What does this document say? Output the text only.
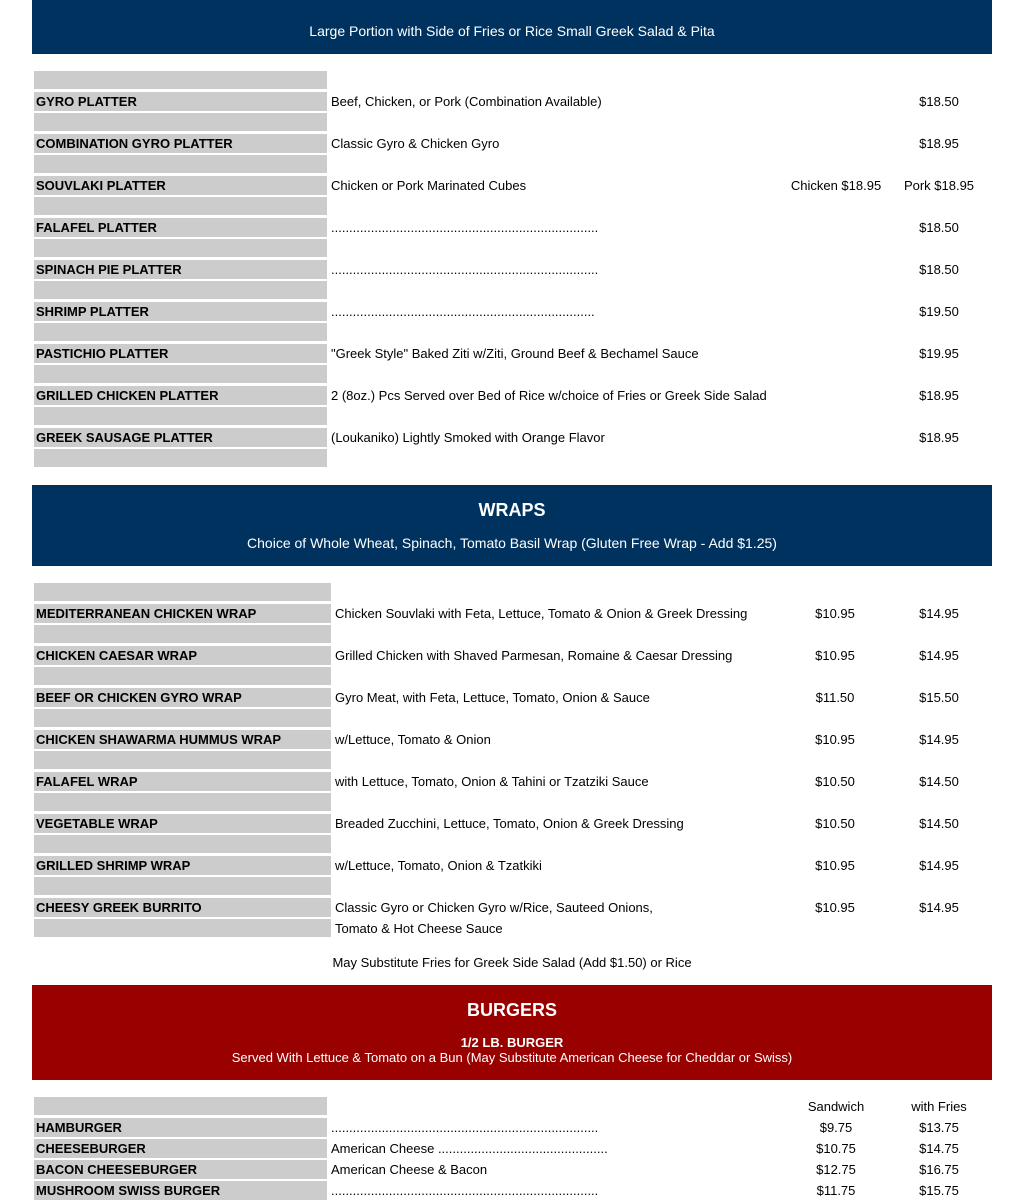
Large Portion with Side of Fries or Rice Small Greek Salad & Pita
GYRO PLATTER	Beef, Chicken, or Pork (Combination Available)	$18.50
COMBINATION GYRO PLATTER	Classic Gyro & Chicken Gyro	$18.95
SOUVLAKI PLATTER	Chicken or Pork Marinated Cubes	Chicken $18.95	Pork $18.95
FALAFEL PLATTER	..........................................................................	$18.50
SPINACH PIE PLATTER	..........................................................................	$18.50
SHRIMP PLATTER	.........................................................................	$19.50
PASTICHIO PLATTER	"Greek Style" Baked Ziti w/Ziti, Ground Beef & Bechamel Sauce	$19.95
GRILLED CHICKEN PLATTER	2 (8oz.) Pcs Served over Bed of Rice w/choice of Fries or Greek Side Salad	$18.95
GREEK SAUSAGE PLATTER	(Loukaniko) Lightly Smoked with Orange Flavor	$18.95
WRAPS
Choice of Whole Wheat, Spinach, Tomato Basil Wrap (Gluten Free Wrap - Add $1.25)
MEDITERRANEAN CHICKEN WRAP	Chicken Souvlaki with Feta, Lettuce, Tomato & Onion & Greek Dressing	$10.95	$14.95
CHICKEN CAESAR WRAP	Grilled Chicken with Shaved Parmesan, Romaine & Caesar Dressing	$10.95	$14.95
BEEF OR CHICKEN GYRO WRAP	Gyro Meat, with Feta, Lettuce, Tomato, Onion & Sauce	$11.50	$15.50
CHICKEN SHAWARMA HUMMUS WRAP	w/Lettuce, Tomato & Onion	$10.95	$14.95
FALAFEL WRAP	with Lettuce, Tomato, Onion & Tahini or Tzatziki Sauce	$10.50	$14.50
VEGETABLE WRAP	Breaded Zucchini, Lettuce, Tomato, Onion & Greek Dressing	$10.50	$14.50
GRILLED SHRIMP WRAP	w/Lettuce, Tomato, Onion & Tzatkiki	$10.95	$14.95
CHEESY GREEK BURRITO	Classic Gyro or Chicken Gyro w/Rice, Sauteed Onions,	$10.95	$14.95
Tomato & Hot Cheese Sauce
May Substitute Fries for Greek Side Salad (Add $1.50) or Rice
BURGERS
1/2 LB. BURGER
Served With Lettuce & Tomato on a Bun (May Substitute American Cheese for Cheddar or Swiss)
Sandwich	with Fries
HAMBURGER	..........................................................................	$9.75	$13.75
CHEESEBURGER	American Cheese ...............................................	$10.75	$14.75
BACON CHEESEBURGER	American Cheese & Bacon	$12.75	$16.75
MUSHROOM SWISS BURGER	..........................................................................	$11.75	$15.75
